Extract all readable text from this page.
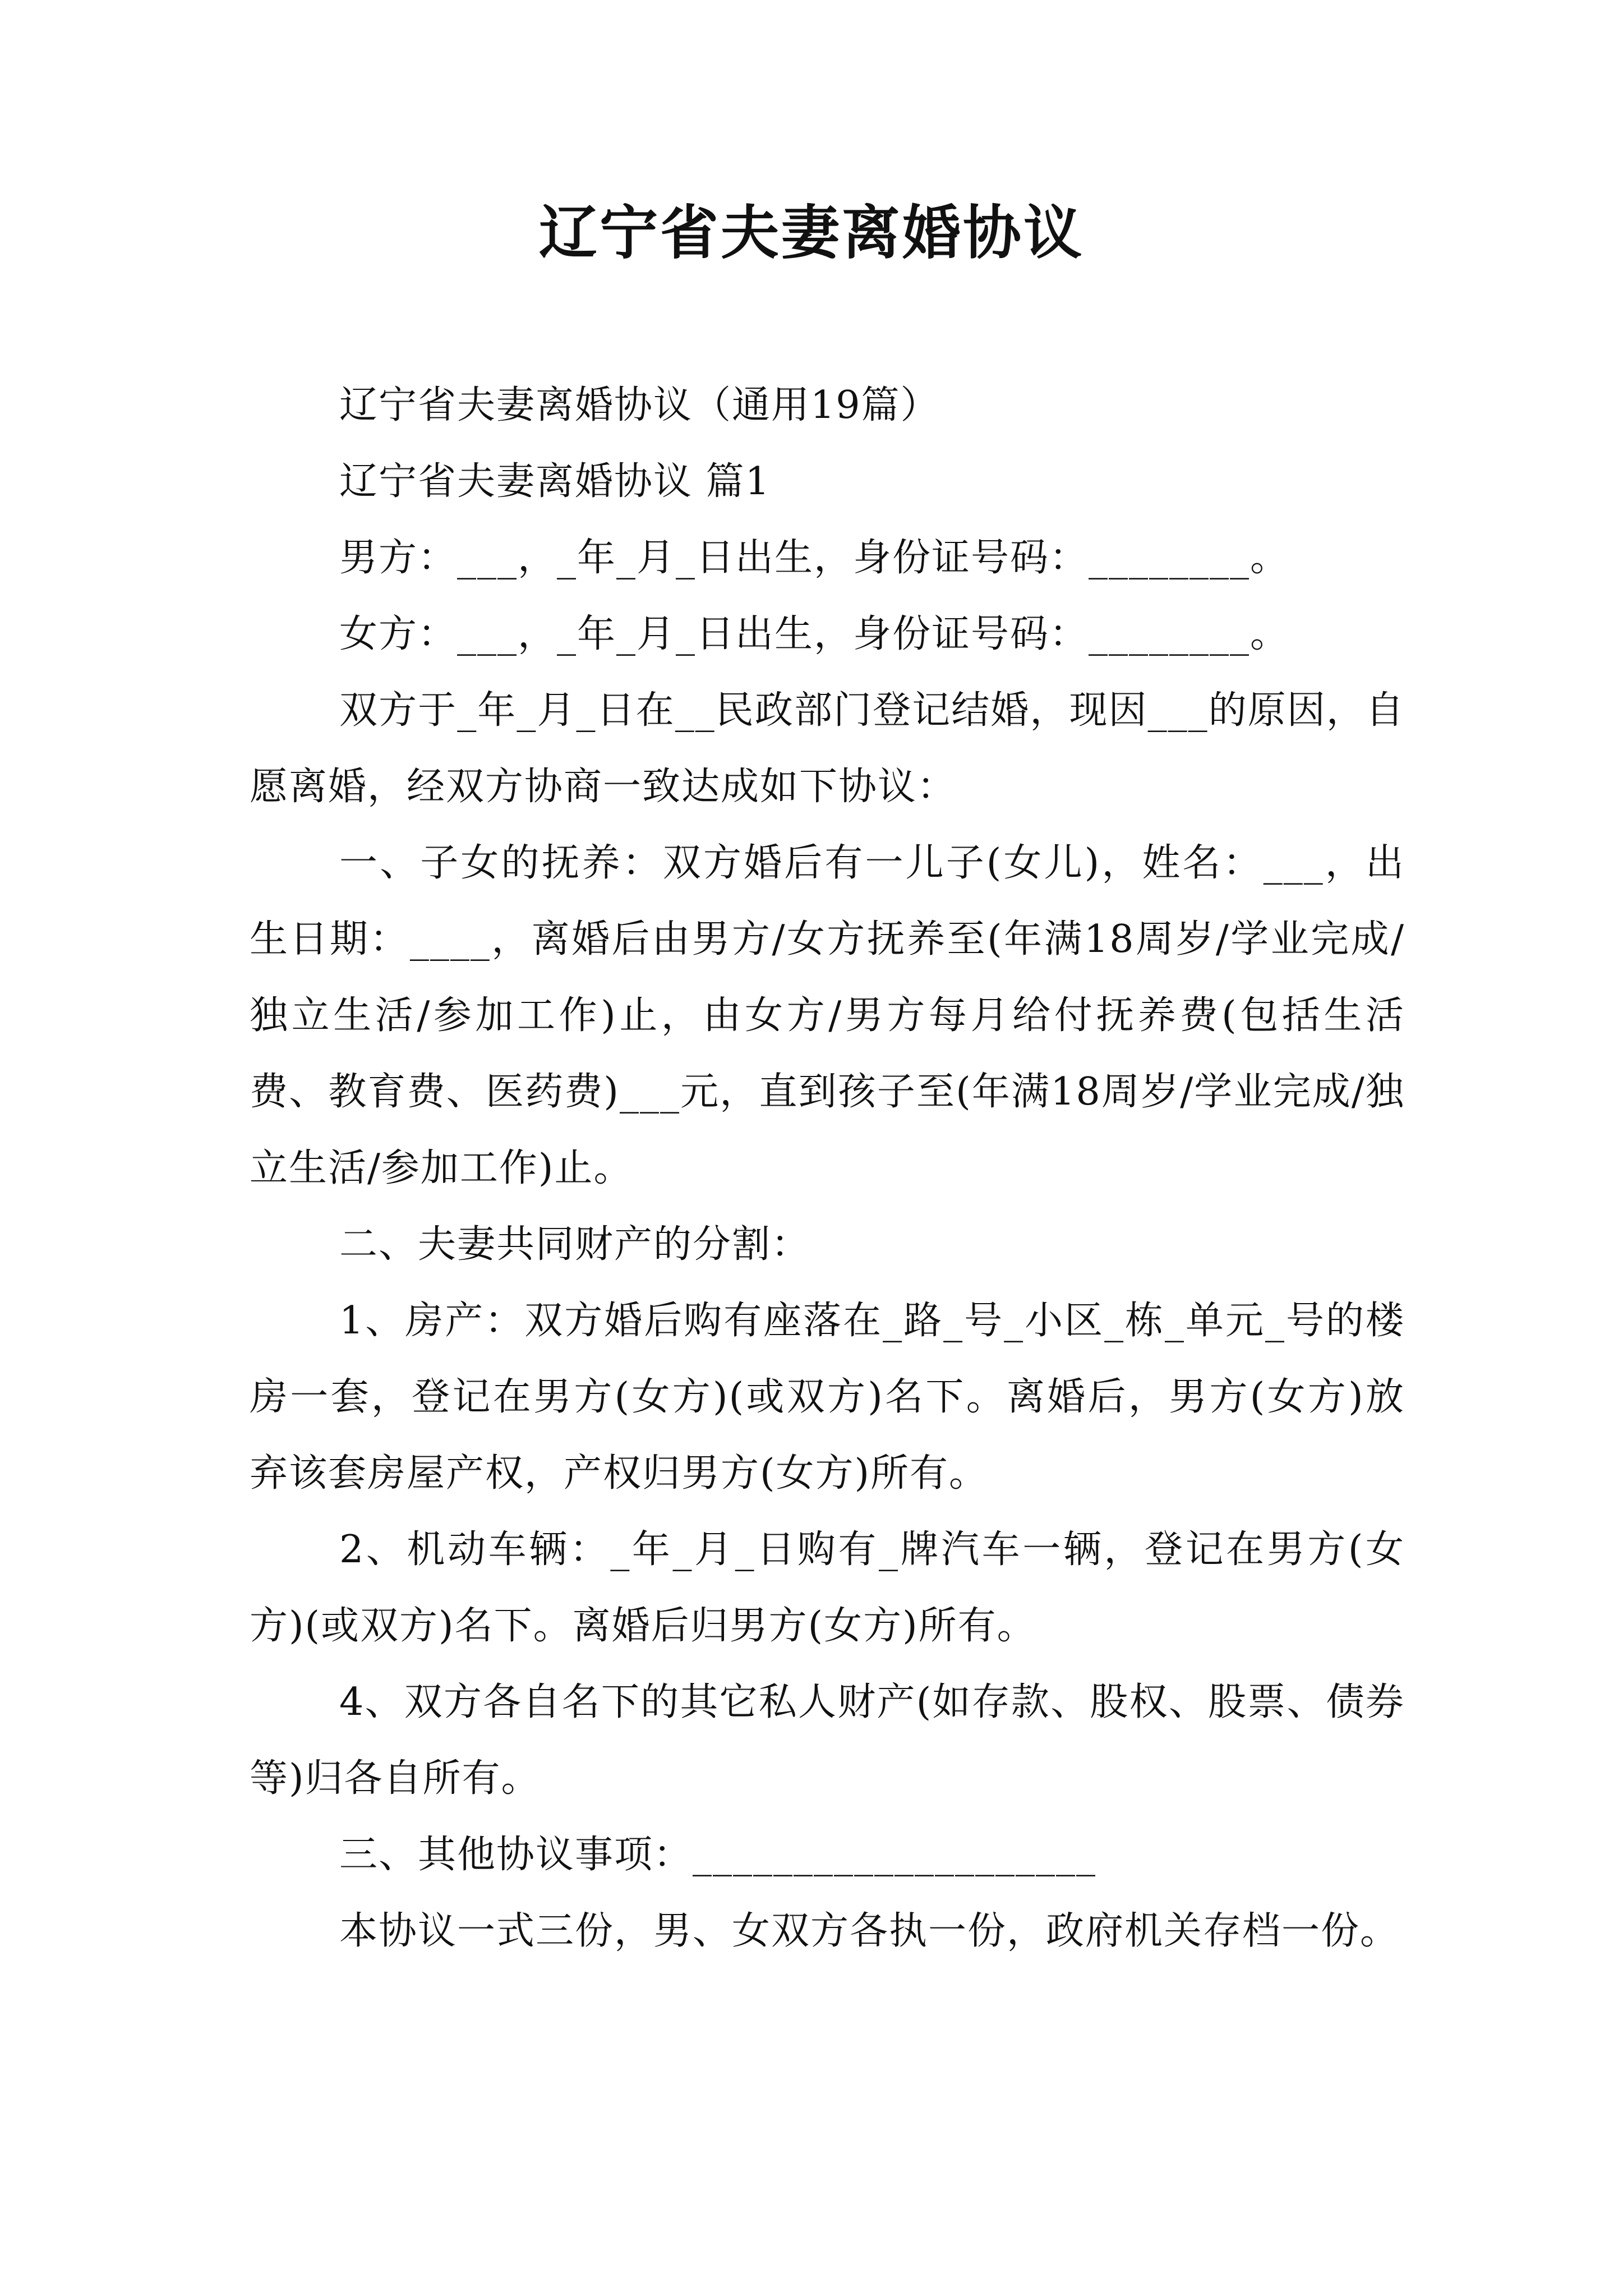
辽宁省夫妻离婚协议

辽宁省夫妻离婚协议（通用19篇）

辽宁省夫妻离婚协议 篇1

男方：___，_年_月_日出生，身份证号码：________。

女方：___，_年_月_日出生，身份证号码：________。

双方于_年_月_日在__民政部门登记结婚，现因___的原因，自愿离婚，经双方协商一致达成如下协议：

一、子女的抚养：双方婚后有一儿子(女儿)，姓名：___，出生日期：____，离婚后由男方/女方抚养至(年满18周岁/学业完成/独立生活/参加工作)止，由女方/男方每月给付抚养费(包括生活费、教育费、医药费)___元，直到孩子至(年满18周岁/学业完成/独立生活/参加工作)止。

二、夫妻共同财产的分割：

1、房产：双方婚后购有座落在_路_号_小区_栋_单元_号的楼房一套，登记在男方(女方)(或双方)名下。离婚后，男方(女方)放弃该套房屋产权，产权归男方(女方)所有。

2、机动车辆：_年_月_日购有_牌汽车一辆，登记在男方(女方)(或双方)名下。离婚后归男方(女方)所有。

4、双方各自名下的其它私人财产(如存款、股权、股票、债券等)归各自所有。

三、其他协议事项：____________________

本协议一式三份，男、女双方各执一份，政府机关存档一份。
